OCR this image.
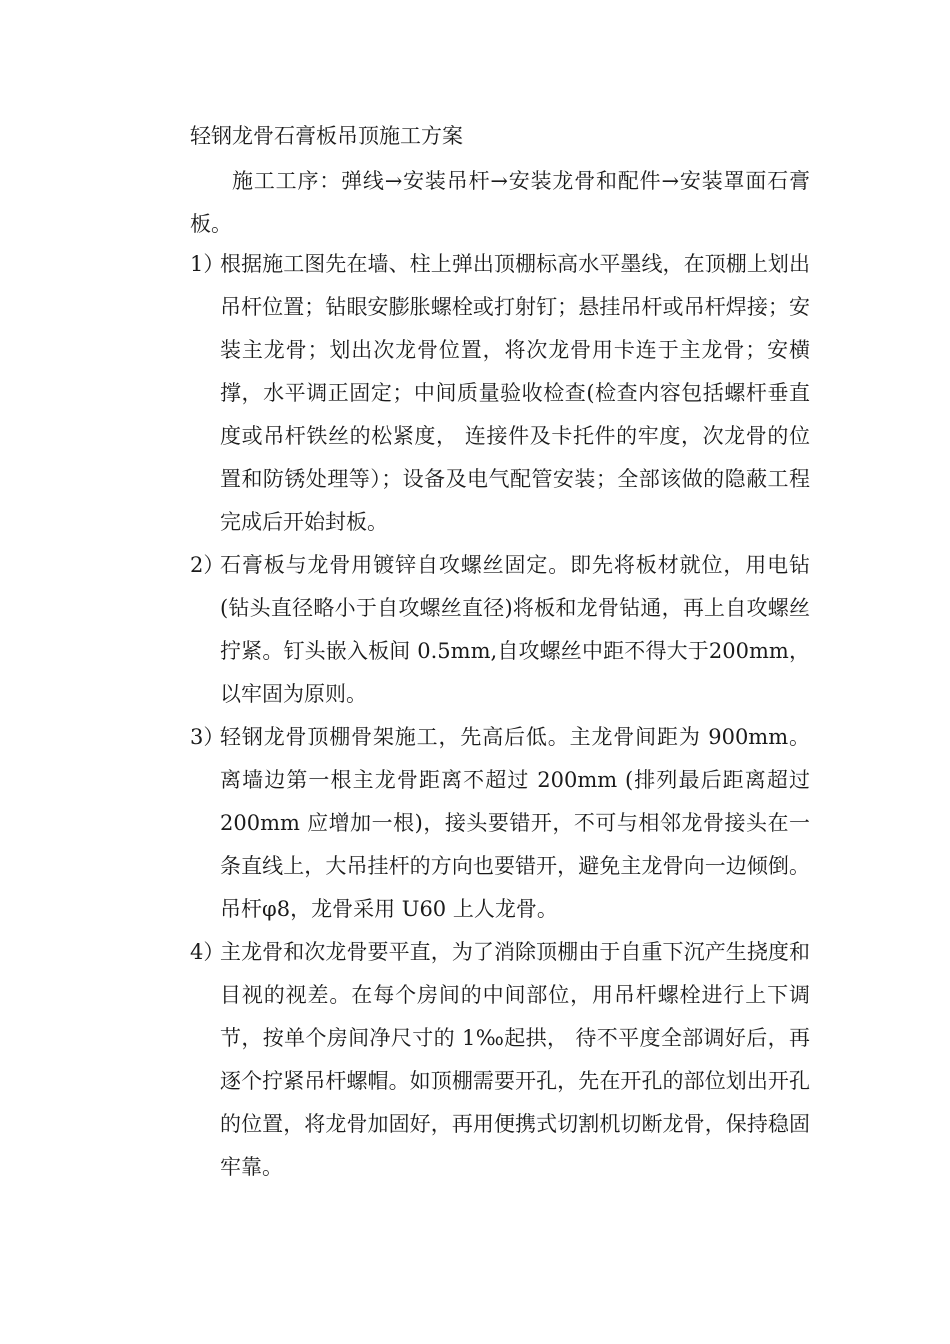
轻钢龙骨石膏板吊顶施工方案
施工工序：弹线→安装吊杆→安装龙骨和配件→安装罩面石膏板。
1）
根据施工图先在墙、柱上弹出顶棚标高水平墨线，在顶棚上划出吊杆位置；钻眼安膨胀螺栓或打射钉；悬挂吊杆或吊杆焊接；安装主龙骨；划出次龙骨位置，将次龙骨用卡连于主龙骨；安横撑，水平调正固定；中间质量验收检查(检查内容包括螺杆垂直度或吊杆铁丝的松紧度， 连接件及卡托件的牢度，次龙骨的位置和防锈处理等）；设备及电气配管安装；全部该做的隐蔽工程完成后开始封板。
2）
石膏板与龙骨用镀锌自攻螺丝固定。即先将板材就位，用电钻(钻头直径略小于自攻螺丝直径)将板和龙骨钻通，再上自攻螺丝拧紧。钉头嵌入板间 0.5mm,自攻螺丝中距不得大于200mm，以牢固为原则。
3）
轻钢龙骨顶棚骨架施工，先高后低。主龙骨间距为 900mm。离墙边第一根主龙骨距离不超过 200mm (排列最后距离超过200mm 应增加一根)，接头要错开，不可与相邻龙骨接头在一条直线上，大吊挂杆的方向也要错开，避免主龙骨向一边倾倒。吊杆φ8，龙骨采用 U60 上人龙骨。
4）
主龙骨和次龙骨要平直，为了消除顶棚由于自重下沉产生挠度和目视的视差。在每个房间的中间部位，用吊杆螺栓进行上下调节，按单个房间净尺寸的 1‰起拱， 待不平度全部调好后，再逐个拧紧吊杆螺帽。如顶棚需要开孔，先在开孔的部位划出开孔的位置，将龙骨加固好，再用便携式切割机切断龙骨，保持稳固牢靠。
